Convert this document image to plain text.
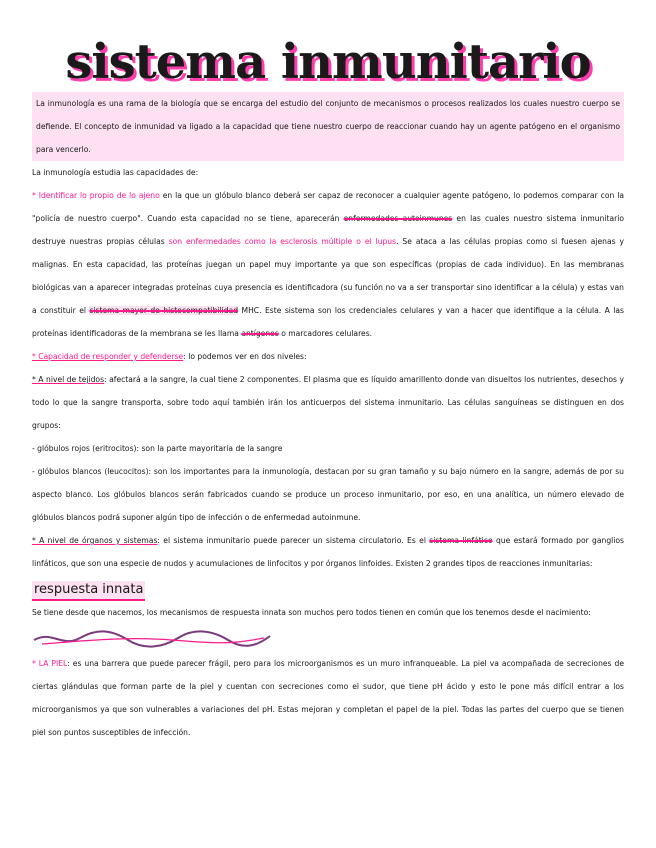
sistema inmunitario

La inmunología es una rama de la biología que se encarga del estudio del conjunto de mecanismos o procesos realizados los cuales nuestro cuerpo se defiende. El concepto de inmunidad va ligado a la capacidad que tiene nuestro cuerpo de reaccionar cuando hay un agente patógeno en el organismo para vencerlo.

La inmunología estudia las capacidades de:

* Identificar lo propio de lo ajeno en la que un glóbulo blanco deberá ser capaz de reconocer a cualquier agente patógeno, lo podemos comparar con la "policía de nuestro cuerpo". Cuando esta capacidad no se tiene, aparecerán enfermedades autoinmunes en las cuales nuestro sistema inmunitario destruye nuestras propias células son enfermedades como la esclerosis múltiple o el lupus. Se ataca a las células propias como si fuesen ajenas y malignas. En esta capacidad, las proteínas juegan un papel muy importante ya que son específicas (propias de cada individuo). En las membranas biológicas van a aparecer integradas proteínas cuya presencia es identificadora (su función no va a ser transportar sino identificar a la célula) y estas van a constituir el sistema mayor de histocompatibilidad MHC. Este sistema son los credenciales celulares y van a hacer que identifique a la célula. A las proteínas identificadoras de la membrana se les llama antígenos o marcadores celulares.

* Capacidad de responder y defenderse: lo podemos ver en dos niveles:

* A nivel de tejidos: afectará a la sangre, la cual tiene 2 componentes. El plasma que es líquido amarillento donde van disueltos los nutrientes, desechos y todo lo que la sangre transporta, sobre todo aquí también irán los anticuerpos del sistema inmunitario. Las células sanguíneas se distinguen en dos grupos:

- glóbulos rojos (eritrocitos): son la parte mayoritaria de la sangre

- glóbulos blancos (leucocitos): son los importantes para la inmunología, destacan por su gran tamaño y su bajo número en la sangre, además de por su aspecto blanco. Los glóbulos blancos serán fabricados cuando se produce un proceso inmunitario, por eso, en una analítica, un número elevado de glóbulos blancos podrá suponer algún tipo de infección o de enfermedad autoinmune.

* A nivel de órganos y sistemas: el sistema inmunitario puede parecer un sistema circulatorio. Es el sistema linfático que estará formado por ganglios linfáticos, que son una especie de nudos y acumulaciones de linfocitos y por órganos linfoides. Existen 2 grandes tipos de reacciones inmunitarias:

respuesta innata

Se tiene desde que nacemos, los mecanismos de respuesta innata son muchos pero todos tienen en común que los tenemos desde el nacimiento:

* LA PIEL: es una barrera que puede parecer frágil, pero para los microorganismos es un muro infranqueable. La piel va acompañada de secreciones de ciertas glándulas que forman parte de la piel y cuentan con secreciones como el sudor, que tiene pH ácido y esto le pone más difícil entrar a los microorganismos ya que son vulnerables a variaciones del pH. Estas mejoran y completan el papel de la piel. Todas las partes del cuerpo que se tienen piel son puntos susceptibles de infección.
